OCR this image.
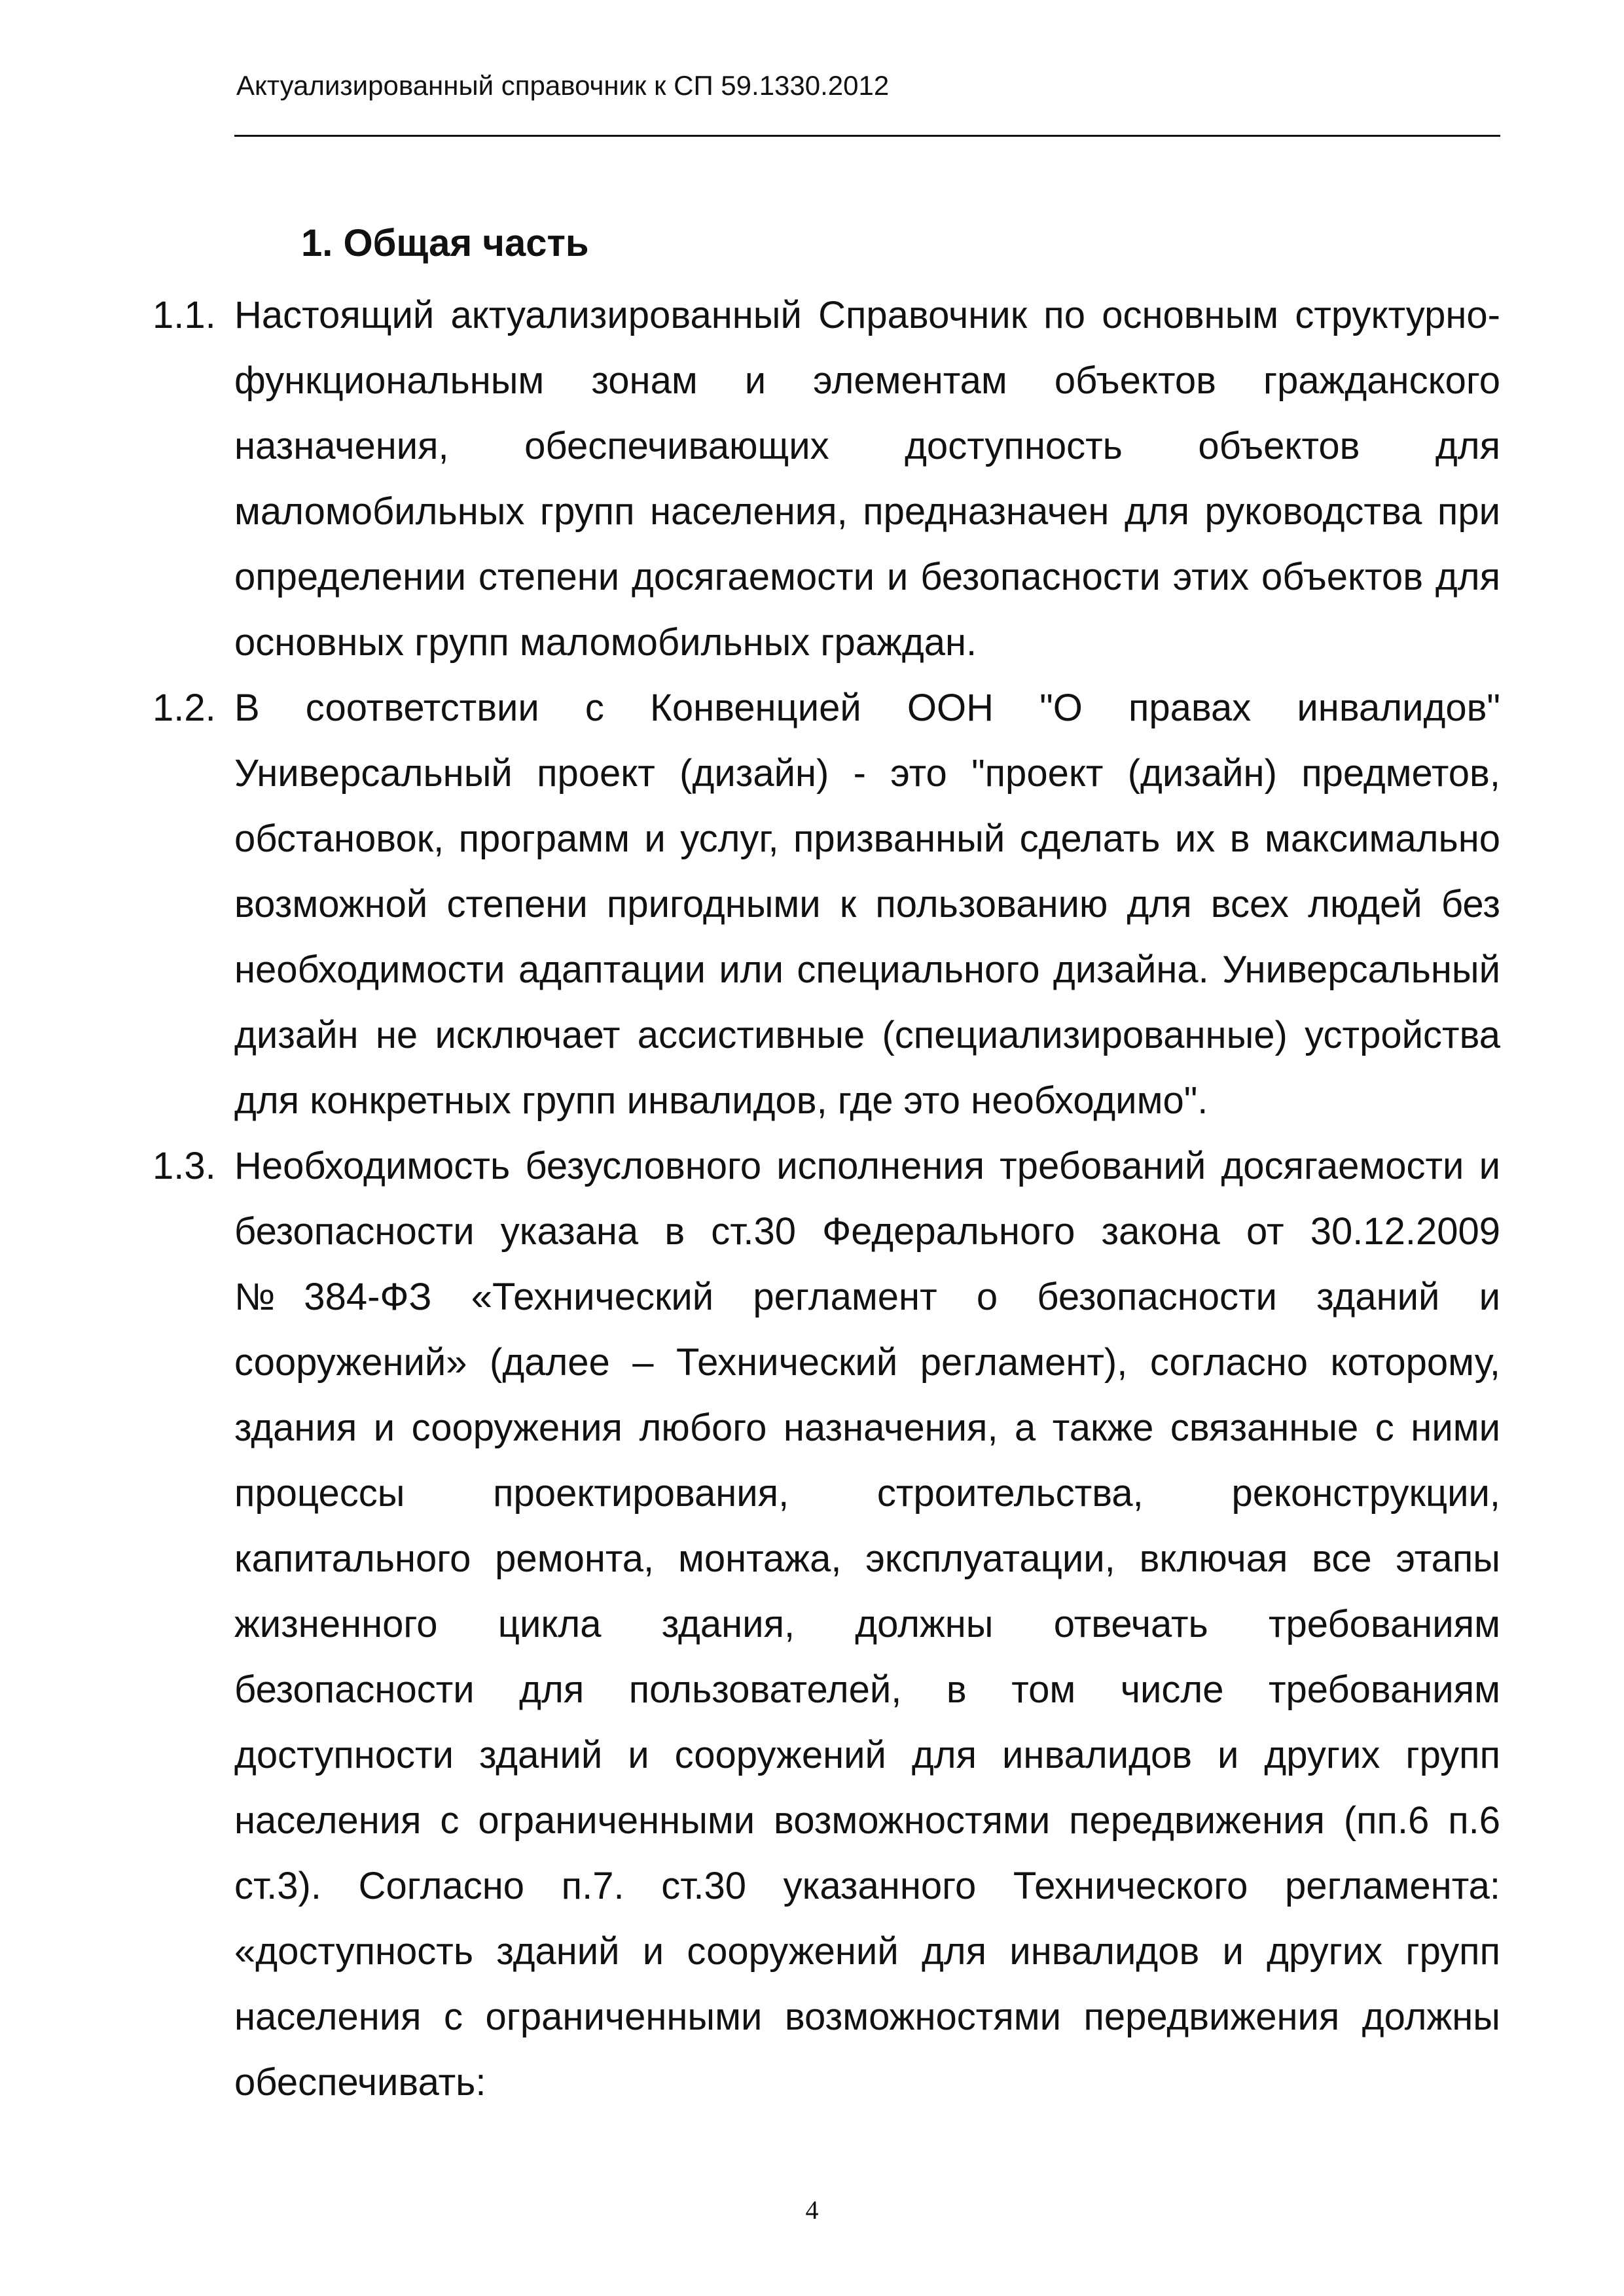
Актуализированный справочник к СП 59.1330.2012
1. Общая часть
1.1. Настоящий актуализированный Справочник по основным структурно-функциональным зонам и элементам объектов гражданского назначения, обеспечивающих доступность объектов для маломобильных групп населения, предназначен для руководства при определении степени досягаемости и безопасности этих объектов для основных групп маломобильных граждан.
1.2. В соответствии с Конвенцией ООН "О правах инвалидов" Универсальный проект (дизайн) - это "проект (дизайн) предметов, обстановок, программ и услуг, призванный сделать их в максимально возможной степени пригодными к пользованию для всех людей без необходимости адаптации или специального дизайна. Универсальный дизайн не исключает ассистивные (специализированные) устройства для конкретных групп инвалидов, где это необходимо".
1.3. Необходимость безусловного исполнения требований досягаемости и безопасности указана в ст.30 Федерального закона от 30.12.2009 №384-ФЗ «Технический регламент о безопасности зданий и сооружений» (далее – Технический регламент), согласно которому, здания и сооружения любого назначения, а также связанные с ними процессы проектирования, строительства, реконструкции, капитального ремонта, монтажа, эксплуатации, включая все этапы жизненного цикла здания, должны отвечать требованиям безопасности для пользователей, в том числе требованиям доступности зданий и сооружений для инвалидов и других групп населения с ограниченными возможностями передвижения (пп.6 п.6 ст.3). Согласно п.7. ст.30 указанного Технического регламента: «доступность зданий и сооружений для инвалидов и других групп населения с ограниченными возможностями передвижения должны обеспечивать:
4
